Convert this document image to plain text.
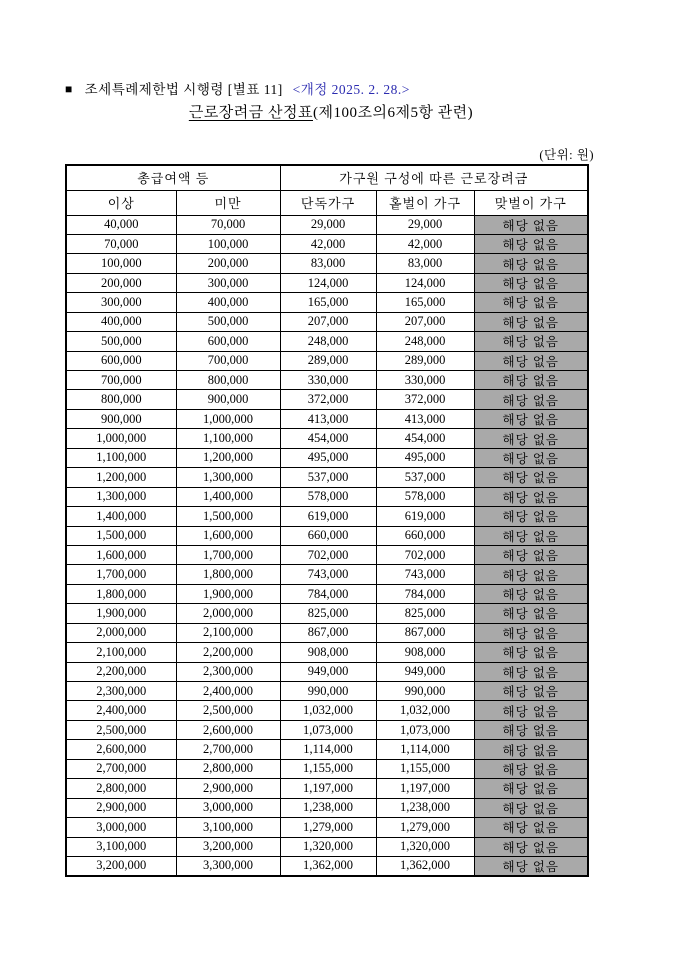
■ 조세특례제한법 시행령 [별표 11] <개정 2025. 2. 28.>

근로장려금 산정표(제100조의6제5항 관련)
(단위: 원)
총급여액 등		가구원 구성에 따른 근로장려금		
이상	미만	단독가구	홑벌이 가구	맞벌이 가구
40,000	70,000	29,000	29,000	해당 없음
70,000	100,000	42,000	42,000	해당 없음
100,000	200,000	83,000	83,000	해당 없음
200,000	300,000	124,000	124,000	해당 없음
300,000	400,000	165,000	165,000	해당 없음
400,000	500,000	207,000	207,000	해당 없음
500,000	600,000	248,000	248,000	해당 없음
600,000	700,000	289,000	289,000	해당 없음
700,000	800,000	330,000	330,000	해당 없음
800,000	900,000	372,000	372,000	해당 없음
900,000	1,000,000	413,000	413,000	해당 없음
1,000,000	1,100,000	454,000	454,000	해당 없음
1,100,000	1,200,000	495,000	495,000	해당 없음
1,200,000	1,300,000	537,000	537,000	해당 없음
1,300,000	1,400,000	578,000	578,000	해당 없음
1,400,000	1,500,000	619,000	619,000	해당 없음
1,500,000	1,600,000	660,000	660,000	해당 없음
1,600,000	1,700,000	702,000	702,000	해당 없음
1,700,000	1,800,000	743,000	743,000	해당 없음
1,800,000	1,900,000	784,000	784,000	해당 없음
1,900,000	2,000,000	825,000	825,000	해당 없음
2,000,000	2,100,000	867,000	867,000	해당 없음
2,100,000	2,200,000	908,000	908,000	해당 없음
2,200,000	2,300,000	949,000	949,000	해당 없음
2,300,000	2,400,000	990,000	990,000	해당 없음
2,400,000	2,500,000	1,032,000	1,032,000	해당 없음
2,500,000	2,600,000	1,073,000	1,073,000	해당 없음
2,600,000	2,700,000	1,114,000	1,114,000	해당 없음
2,700,000	2,800,000	1,155,000	1,155,000	해당 없음
2,800,000	2,900,000	1,197,000	1,197,000	해당 없음
2,900,000	3,000,000	1,238,000	1,238,000	해당 없음
3,000,000	3,100,000	1,279,000	1,279,000	해당 없음
3,100,000	3,200,000	1,320,000	1,320,000	해당 없음
3,200,000	3,300,000	1,362,000	1,362,000	해당 없음
